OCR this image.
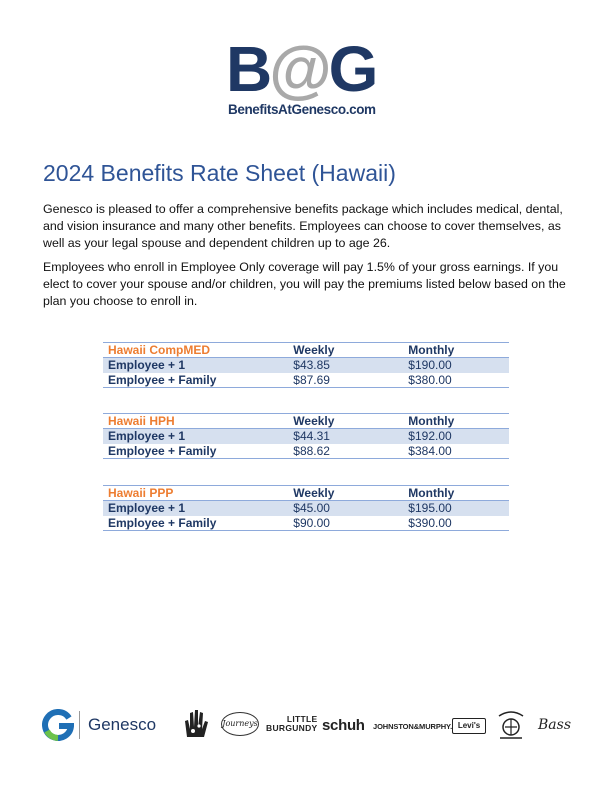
B@G
BenefitsAtGenesco.com
2024 Benefits Rate Sheet (Hawaii)
Genesco is pleased to offer a comprehensive benefits package which includes medical, dental, and vision insurance and many other benefits. Employees can choose to cover themselves, as well as your legal spouse and dependent children up to age 26.
Employees who enroll in Employee Only coverage will pay 1.5% of your gross earnings. If you elect to cover your spouse and/or children, you will pay the premiums listed below based on the plan you choose to enroll in.
Hawaii CompMED	Weekly	Monthly
Employee + 1	$43.85	$190.00
Employee + Family	$87.69	$380.00
Hawaii HPH	Weekly	Monthly
Employee + 1	$44.31	$192.00
Employee + Family	$88.62	$384.00
Hawaii PPP	Weekly	Monthly
Employee + 1	$45.00	$195.00
Employee + Family	$90.00	$390.00
Genesco	Journeys	LITTLE
BURGUNDY schuh JOHNSTON&MURPHY. Levi's	Bass
